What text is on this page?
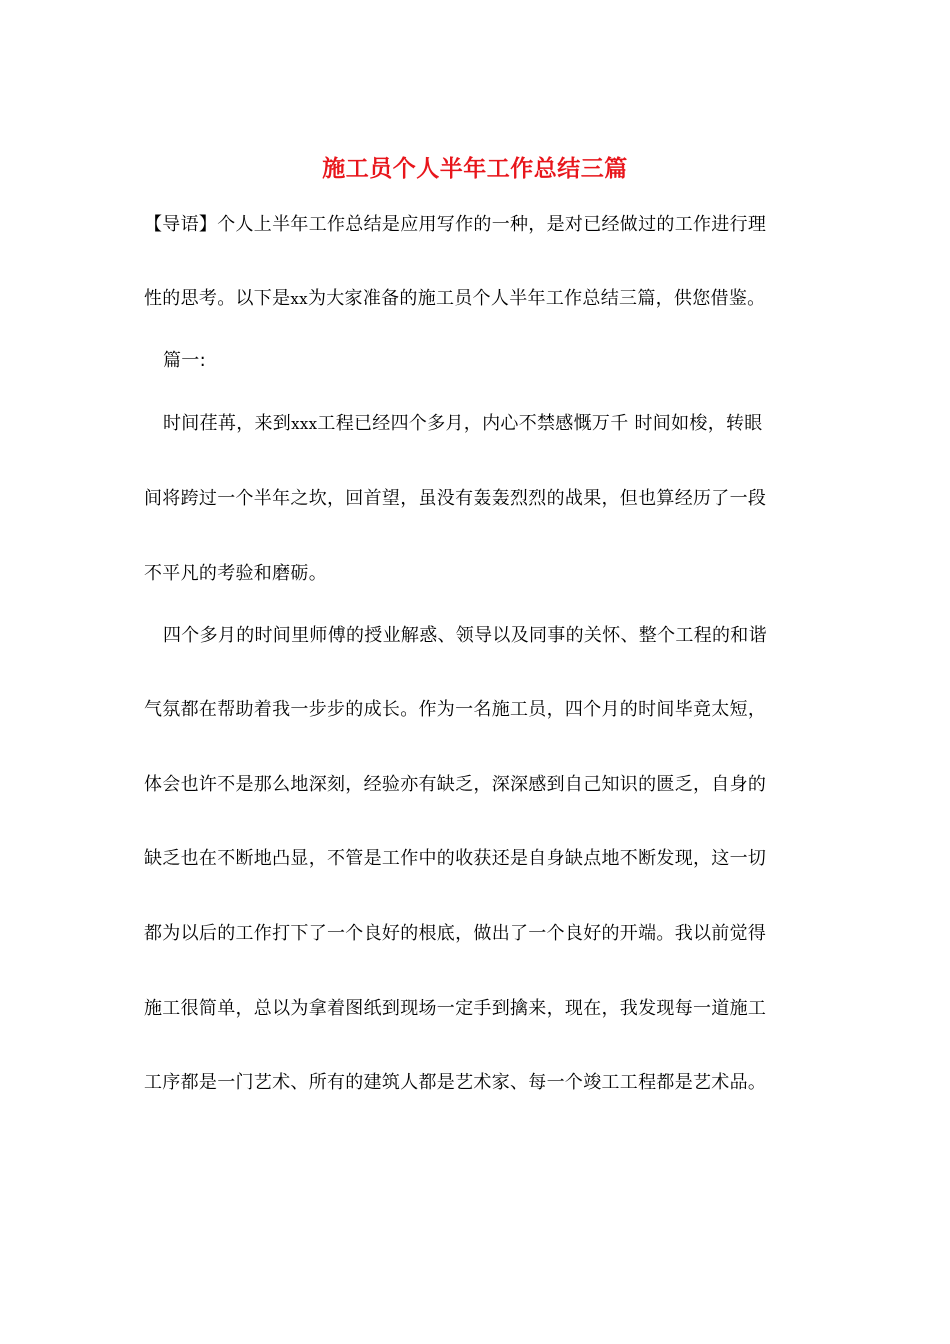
施工员个人半年工作总结三篇
【导语】个人上半年工作总结是应用写作的一种，是对已经做过的工作进行理
性的思考。以下是xx为大家准备的施工员个人半年工作总结三篇，供您借鉴。
篇一:
时间荏苒，来到xxx工程已经四个多月，内心不禁感慨万千 时间如梭，转眼
间将跨过一个半年之坎，回首望，虽没有轰轰烈烈的战果，但也算经历了一段
不平凡的考验和磨砺。
四个多月的时间里师傅的授业解惑、领导以及同事的关怀、整个工程的和谐
气氛都在帮助着我一步步的成长。作为一名施工员，四个月的时间毕竟太短，
体会也许不是那么地深刻，经验亦有缺乏，深深感到自己知识的匮乏，自身的
缺乏也在不断地凸显，不管是工作中的收获还是自身缺点地不断发现，这一切
都为以后的工作打下了一个良好的根底，做出了一个良好的开端。我以前觉得
施工很简单，总以为拿着图纸到现场一定手到擒来，现在，我发现每一道施工
工序都是一门艺术、所有的建筑人都是艺术家、每一个竣工工程都是艺术品。
